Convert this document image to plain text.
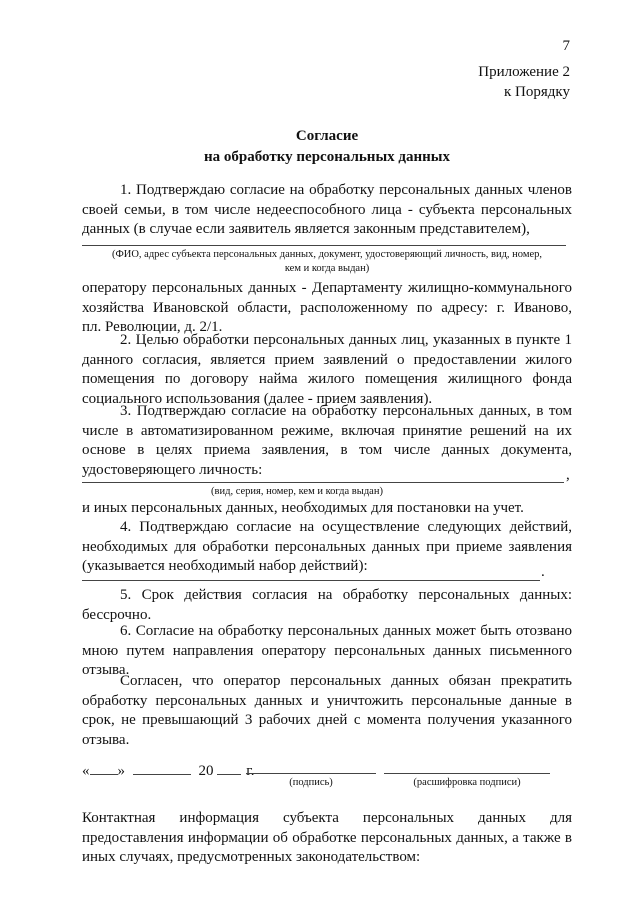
7
Приложение 2
к Порядку
Согласие
на обработку персональных данных
1. Подтверждаю согласие на обработку персональных данных членов
своей семьи, в том числе недееспособного лица - субъекта персональных
данных (в случае если заявитель является законным представителем),
(ФИО, адрес субъекта персональных данных, документ, удостоверяющий личность, вид, номер,
кем и когда выдан)
оператору персональных данных - Департаменту жилищно-коммунального
хозяйства Ивановской области, расположенному по адресу: г. Иваново,
пл. Революции, д. 2/1.
2. Целью обработки персональных данных лиц, указанных в пункте 1
данного согласия, является прием заявлений о предоставлении жилого
помещения по договору найма жилого помещения жилищного фонда
социального использования (далее - прием заявления).
3. Подтверждаю согласие на обработку персональных данных, в том
числе в автоматизированном режиме, включая принятие решений на их
основе в целях приема заявления, в том числе данных документа,
удостоверяющего личность:	,
(вид, серия, номер, кем и когда выдан)
и иных персональных данных, необходимых для постановки на учет.
4. Подтверждаю согласие на осуществление следующих действий,
необходимых для обработки персональных данных при приеме заявления
(указывается необходимый набор действий):	.
5. Срок действия согласия на обработку персональных данных:
бессрочно.
6. Согласие на обработку персональных данных может быть отозвано
мною путем направления оператору персональных данных письменного
отзыва.
Согласен, что оператор персональных данных обязан прекратить
обработку персональных данных и уничтожить персональные данные в
срок, не превышающий 3 рабочих дней с момента получения указанного
отзыва.
« »	20 г.
(подпись)	(расшифровка подписи)
Контактная информация субъекта персональных данных для
предоставления информации об обработке персональных данных, а также в
иных случаях, предусмотренных законодательством:
